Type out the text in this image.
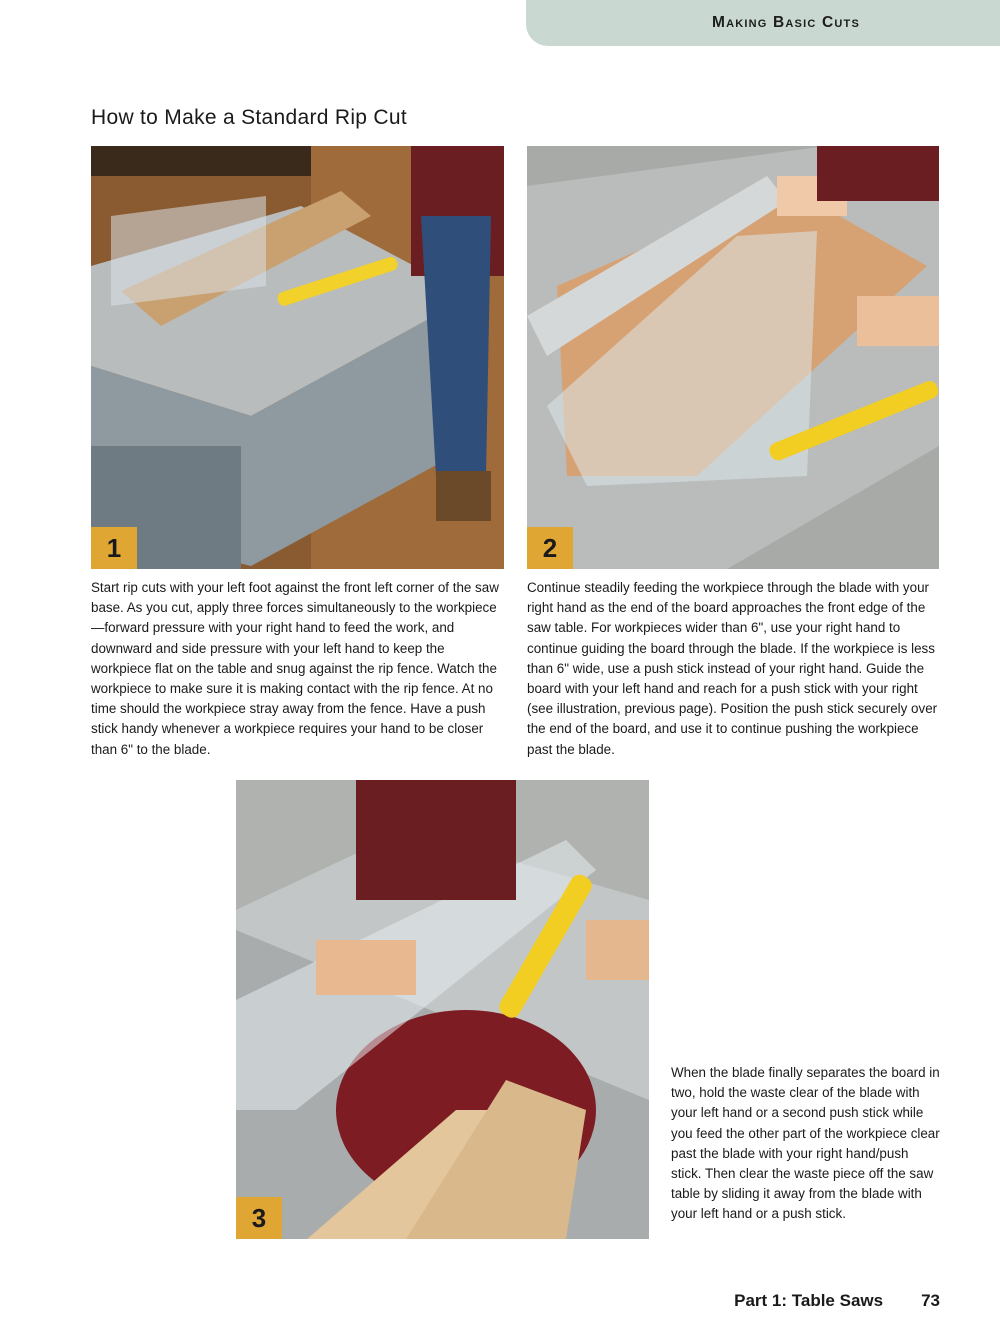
Making Basic Cuts
How to Make a Standard Rip Cut
1	2

Start rip cuts with your left foot against the front left corner of the saw base. As you cut, apply three forces simultaneously to the workpiece—forward pressure with your right hand to feed the work, and downward and side pressure with your left hand to keep the workpiece flat on the table and snug against the rip fence. Watch the workpiece to make sure it is making contact with the rip fence. At no time should the workpiece stray away from the fence. Have a push stick handy whenever a workpiece requires your hand to be closer than 6" to the blade.

Continue steadily feeding the workpiece through the blade with your right hand as the end of the board approaches the front edge of the saw table. For workpieces wider than 6", use your right hand to continue guiding the board through the blade. If the workpiece is less than 6" wide, use a push stick instead of your right hand. Guide the board with your left hand and reach for a push stick with your right (see illustration, previous page). Position the push stick securely over the end of the board, and use it to continue pushing the workpiece past the blade.

3

When the blade finally separates the board in two, hold the waste clear of the blade with your left hand or a second push stick while you feed the other part of the workpiece clear past the blade with your right hand/push stick. Then clear the waste piece off the saw table by sliding it away from the blade with your left hand or a push stick.

Part 1: Table Saws 73
